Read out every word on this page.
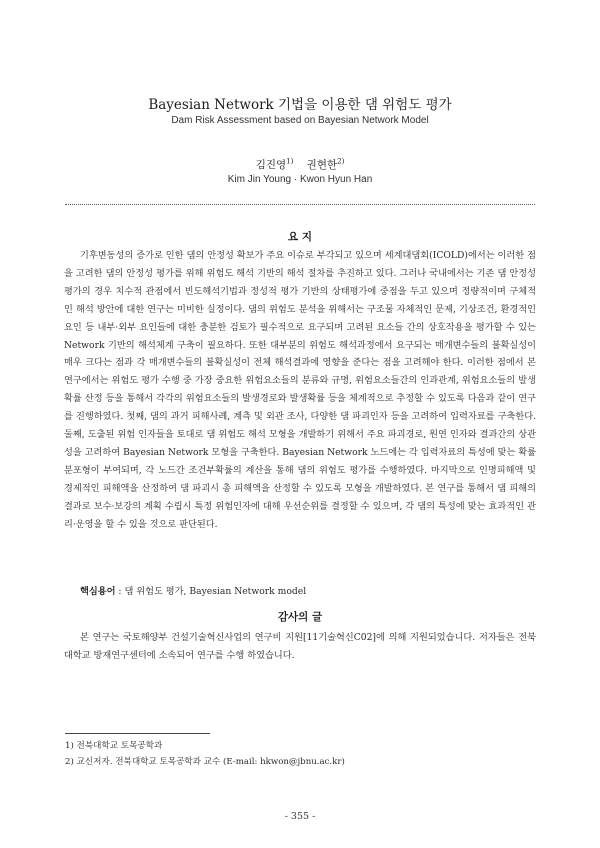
Bayesian Network 기법을 이용한 댐 위험도 평가
Dam Risk Assessment based on Bayesian Network Model
김진영$^{1)}$ 권현한$^{2)}$
Kim Jin Young · Kwon Hyun Han
요 지

기후변동성의 증가로 인한 댐의 안정성 확보가 주요 이슈로 부각되고 있으며 세계대댐회(ICOLD)에서는 이러한 점을 고려한 댐의 안정성 평가를 위해 위험도 해석 기반의 해석 절차를 추진하고 있다. 그러나 국내에서는 기존 댐 안정성 평가의 경우 치수적 관점에서 빈도해석기법과 정성적 평가 기반의 상태평가에 중점을 두고 있으며 정량적이며 구체적인 해석 방안에 대한 연구는 미비한 실정이다. 댐의 위험도 분석을 위해서는 구조물 자체적인 문제, 기상조건, 환경적인 요인 등 내부·외부 요인들에 대한 충분한 검토가 필수적으로 요구되며 고려된 요소들 간의 상호작용을 평가할 수 있는 Network 기반의 해석체계 구축이 필요하다. 또한 대부분의 위험도 해석과정에서 요구되는 매개변수들의 불확실성이 매우 크다는 점과 각 매개변수들의 불확실성이 전체 해석결과에 영향을 준다는 점을 고려해야 한다. 이러한 점에서 본 연구에서는 위험도 평가 수행 중 가장 중요한 위험요소들의 분류와 규명, 위험요소들간의 인과관계, 위험요소들의 발생확률 산정 등을 통해서 각각의 위험요소들의 발생경로와 발생확률 등을 체계적으로 추정할 수 있도록 다음과 같이 연구를 진행하였다. 첫째, 댐의 과거 피해사례, 계측 및 외관 조사, 다양한 댐 파괴인자 등을 고려하여 입력자료를 구축한다. 둘째, 도출된 위험 인자들을 토대로 댐 위험도 해석 모형을 개발하기 위해서 주요 파괴경로, 원연 인자와 결과간의 상관성을 고려하여 Bayesian Network 모형을 구축한다. Bayesian Network 노드에는 각 입력자료의 특성에 맞는 확률분포형이 부여되며, 각 노드간 조건부확률의 계산을 통해 댐의 위험도 평가를 수행하였다. 마지막으로 인명피해액 및 경제적인 피해액을 산정하여 댐 파괴시 총 피해액을 산정할 수 있도록 모형을 개발하였다. 본 연구를 통해서 댐 피해의 결과로 보수·보강의 계획 수립시 특정 위험인자에 대해 우선순위를 결정할 수 있으며, 각 댐의 특성에 맞는 효과적인 관리·운영을 할 수 있을 것으로 판단된다.

핵심용어 : 댐 위험도 평가, Bayesian Network model
감사의 글

본 연구는 국토해양부 건설기술혁신사업의 연구비 지원[11기술혁신C02]에 의해 지원되었습니다. 저자들은 전북대학교 방재연구센터에 소속되어 연구를 수행 하였습니다.

1) 전북대학교 토목공학과
2) 교신저자. 전북대학교 토목공학과 교수 (E-mail: hkwon@jbnu.ac.kr)
- 355 -
